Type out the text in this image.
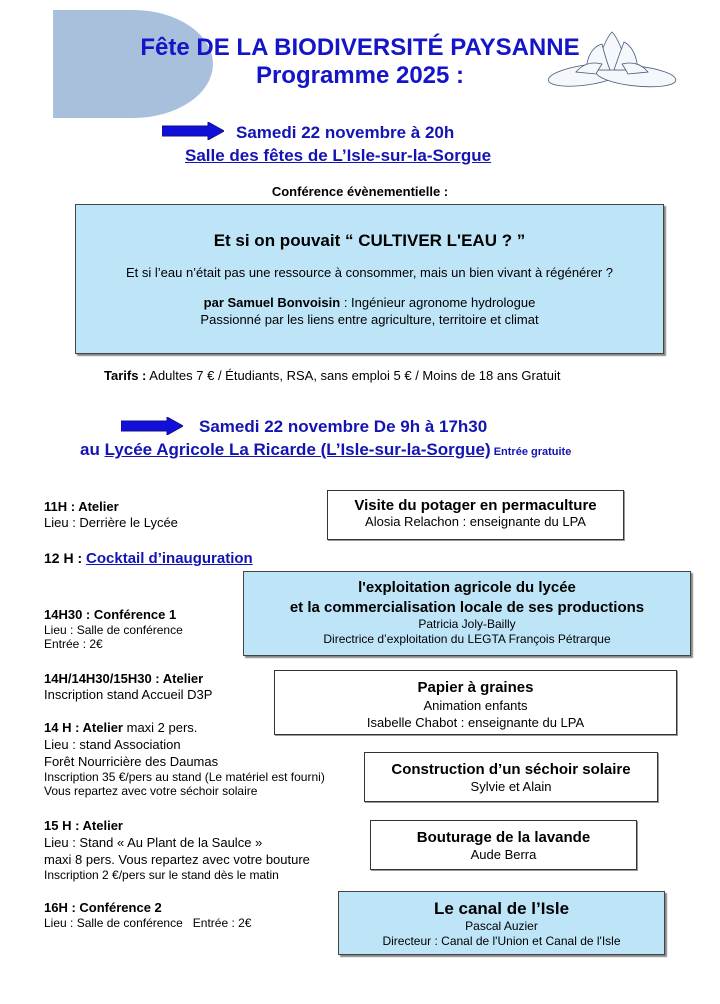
Fête DE LA BIODIVERSITÉ PAYSANNE
Programme 2025 :
Samedi 22 novembre à 20h
Salle des fêtes de L’Isle-sur-la-Sorgue
Conférence évènementielle :
Et si on pouvait “ CULTIVER L'EAU ? ”
Et si l’eau n’était pas une ressource à consommer, mais un bien vivant à régénérer ?
par Samuel Bonvoisin : Ingénieur agronome hydrologue
Passionné par les liens entre agriculture, territoire et climat
Tarifs : Adultes 7 € / Étudiants, RSA, sans emploi 5 € / Moins de 18 ans Gratuit
Samedi 22 novembre De 9h à 17h30
au Lycée Agricole La Ricarde (L’Isle-sur-la-Sorgue) Entrée gratuite
11H : Atelier
Lieu : Derrière le Lycée
Visite du potager en permaculture
Alosia Relachon : enseignante du LPA
12 H : Cocktail d’inauguration
14H30 : Conférence 1
Lieu : Salle de conférence
Entrée : 2€
l'exploitation agricole du lycée
et la commercialisation locale de ses productions
Patricia Joly-Bailly
Directrice d’exploitation du LEGTA François Pétrarque
14H/14H30/15H30 : Atelier
Inscription stand Accueil D3P	Papier à graines
Animation enfants
Isabelle Chabot : enseignante du LPA
14 H : Atelier maxi 2 pers.
Lieu : stand Association
Forêt Nourricière des Daumas
Inscription 35 €/pers au stand (Le matériel est fourni)
Vous repartez avec votre séchoir solaire
Construction d’un séchoir solaire
Sylvie et Alain
15 H : Atelier
Lieu : Stand « Au Plant de la Saulce »
maxi 8 pers. Vous repartez avec votre bouture
Inscription 2 €/pers sur le stand dès le matin
Bouturage de la lavande
Aude Berra
16H : Conférence 2
Lieu : Salle de conférence   Entrée : 2€
Le canal de l’Isle
Pascal Auzier
Directeur : Canal de l'Union et Canal de l'Isle
